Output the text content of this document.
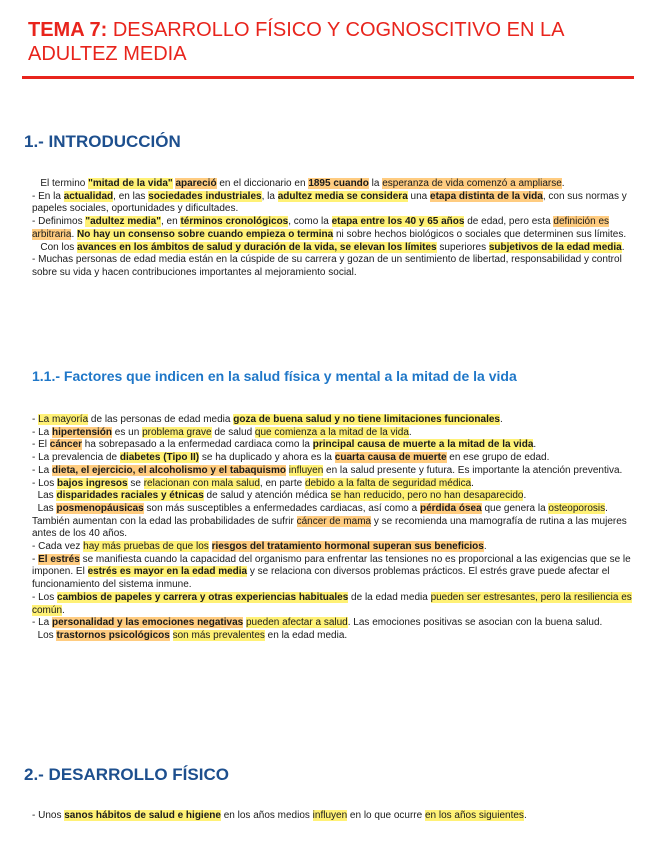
TEMA 7: DESARROLLO FÍSICO Y COGNOSCITIVO EN LA ADULTEZ MEDIA
1.- INTRODUCCIÓN

El termino "mitad de la vida" apareció en el diccionario en 1895 cuando la esperanza de vida comenzó a ampliarse.

- En la actualidad, en las sociedades industriales, la adultez media se considera una etapa distinta de la vida, con sus normas y papeles sociales, oportunidades y dificultades.

- Definimos "adultez media", en términos cronológicos, como la etapa entre los 40 y 65 años de edad, pero esta definición es arbitraria. No hay un consenso sobre cuando empieza o termina ni sobre hechos biológicos o sociales que determinen sus límites.

Con los avances en los ámbitos de salud y duración de la vida, se elevan los límites superiores subjetivos de la edad media.

- Muchas personas de edad media están en la cúspide de su carrera y gozan de un sentimiento de libertad, responsabilidad y control sobre su vida y hacen contribuciones importantes al mejoramiento social.

1.1.- Factores que indicen en la salud física y mental a la mitad de la vida

- La mayoría de las personas de edad media goza de buena salud y no tiene limitaciones funcionales.

- La hipertensión es un problema grave de salud que comienza a la mitad de la vida.

- El cáncer ha sobrepasado a la enfermedad cardiaca como la principal causa de muerte a la mitad de la vida.

- La prevalencia de diabetes (Tipo II) se ha duplicado y ahora es la cuarta causa de muerte en ese grupo de edad.

- La dieta, el ejercicio, el alcoholismo y el tabaquismo influyen en la salud presente y futura. Es importante la atención preventiva.

- Los bajos ingresos se relacionan con mala salud, en parte debido a la falta de seguridad médica.

Las disparidades raciales y étnicas de salud y atención médica se han reducido, pero no han desaparecido.

Las posmenopáusicas son más susceptibles a enfermedades cardiacas, así como a pérdida ósea que genera la osteoporosis. También aumentan con la edad las probabilidades de sufrir cáncer de mama y se recomienda una mamografía de rutina a las mujeres antes de los 40 años.

- Cada vez hay más pruebas de que los riesgos del tratamiento hormonal superan sus beneficios.

- El estrés se manifiesta cuando la capacidad del organismo para enfrentar las tensiones no es proporcional a las exigencias que se le imponen. El estrés es mayor en la edad media y se relaciona con diversos problemas prácticos. El estrés grave puede afectar el funcionamiento del sistema inmune.

- Los cambios de papeles y carrera y otras experiencias habituales de la edad media pueden ser estresantes, pero la resiliencia es común.

- La personalidad y las emociones negativas pueden afectar a salud. Las emociones positivas se asocian con la buena salud.

Los trastornos psicológicos son más prevalentes en la edad media.

2.- DESARROLLO FÍSICO

- Unos sanos hábitos de salud e higiene en los años medios influyen en lo que ocurre en los años siguientes.
